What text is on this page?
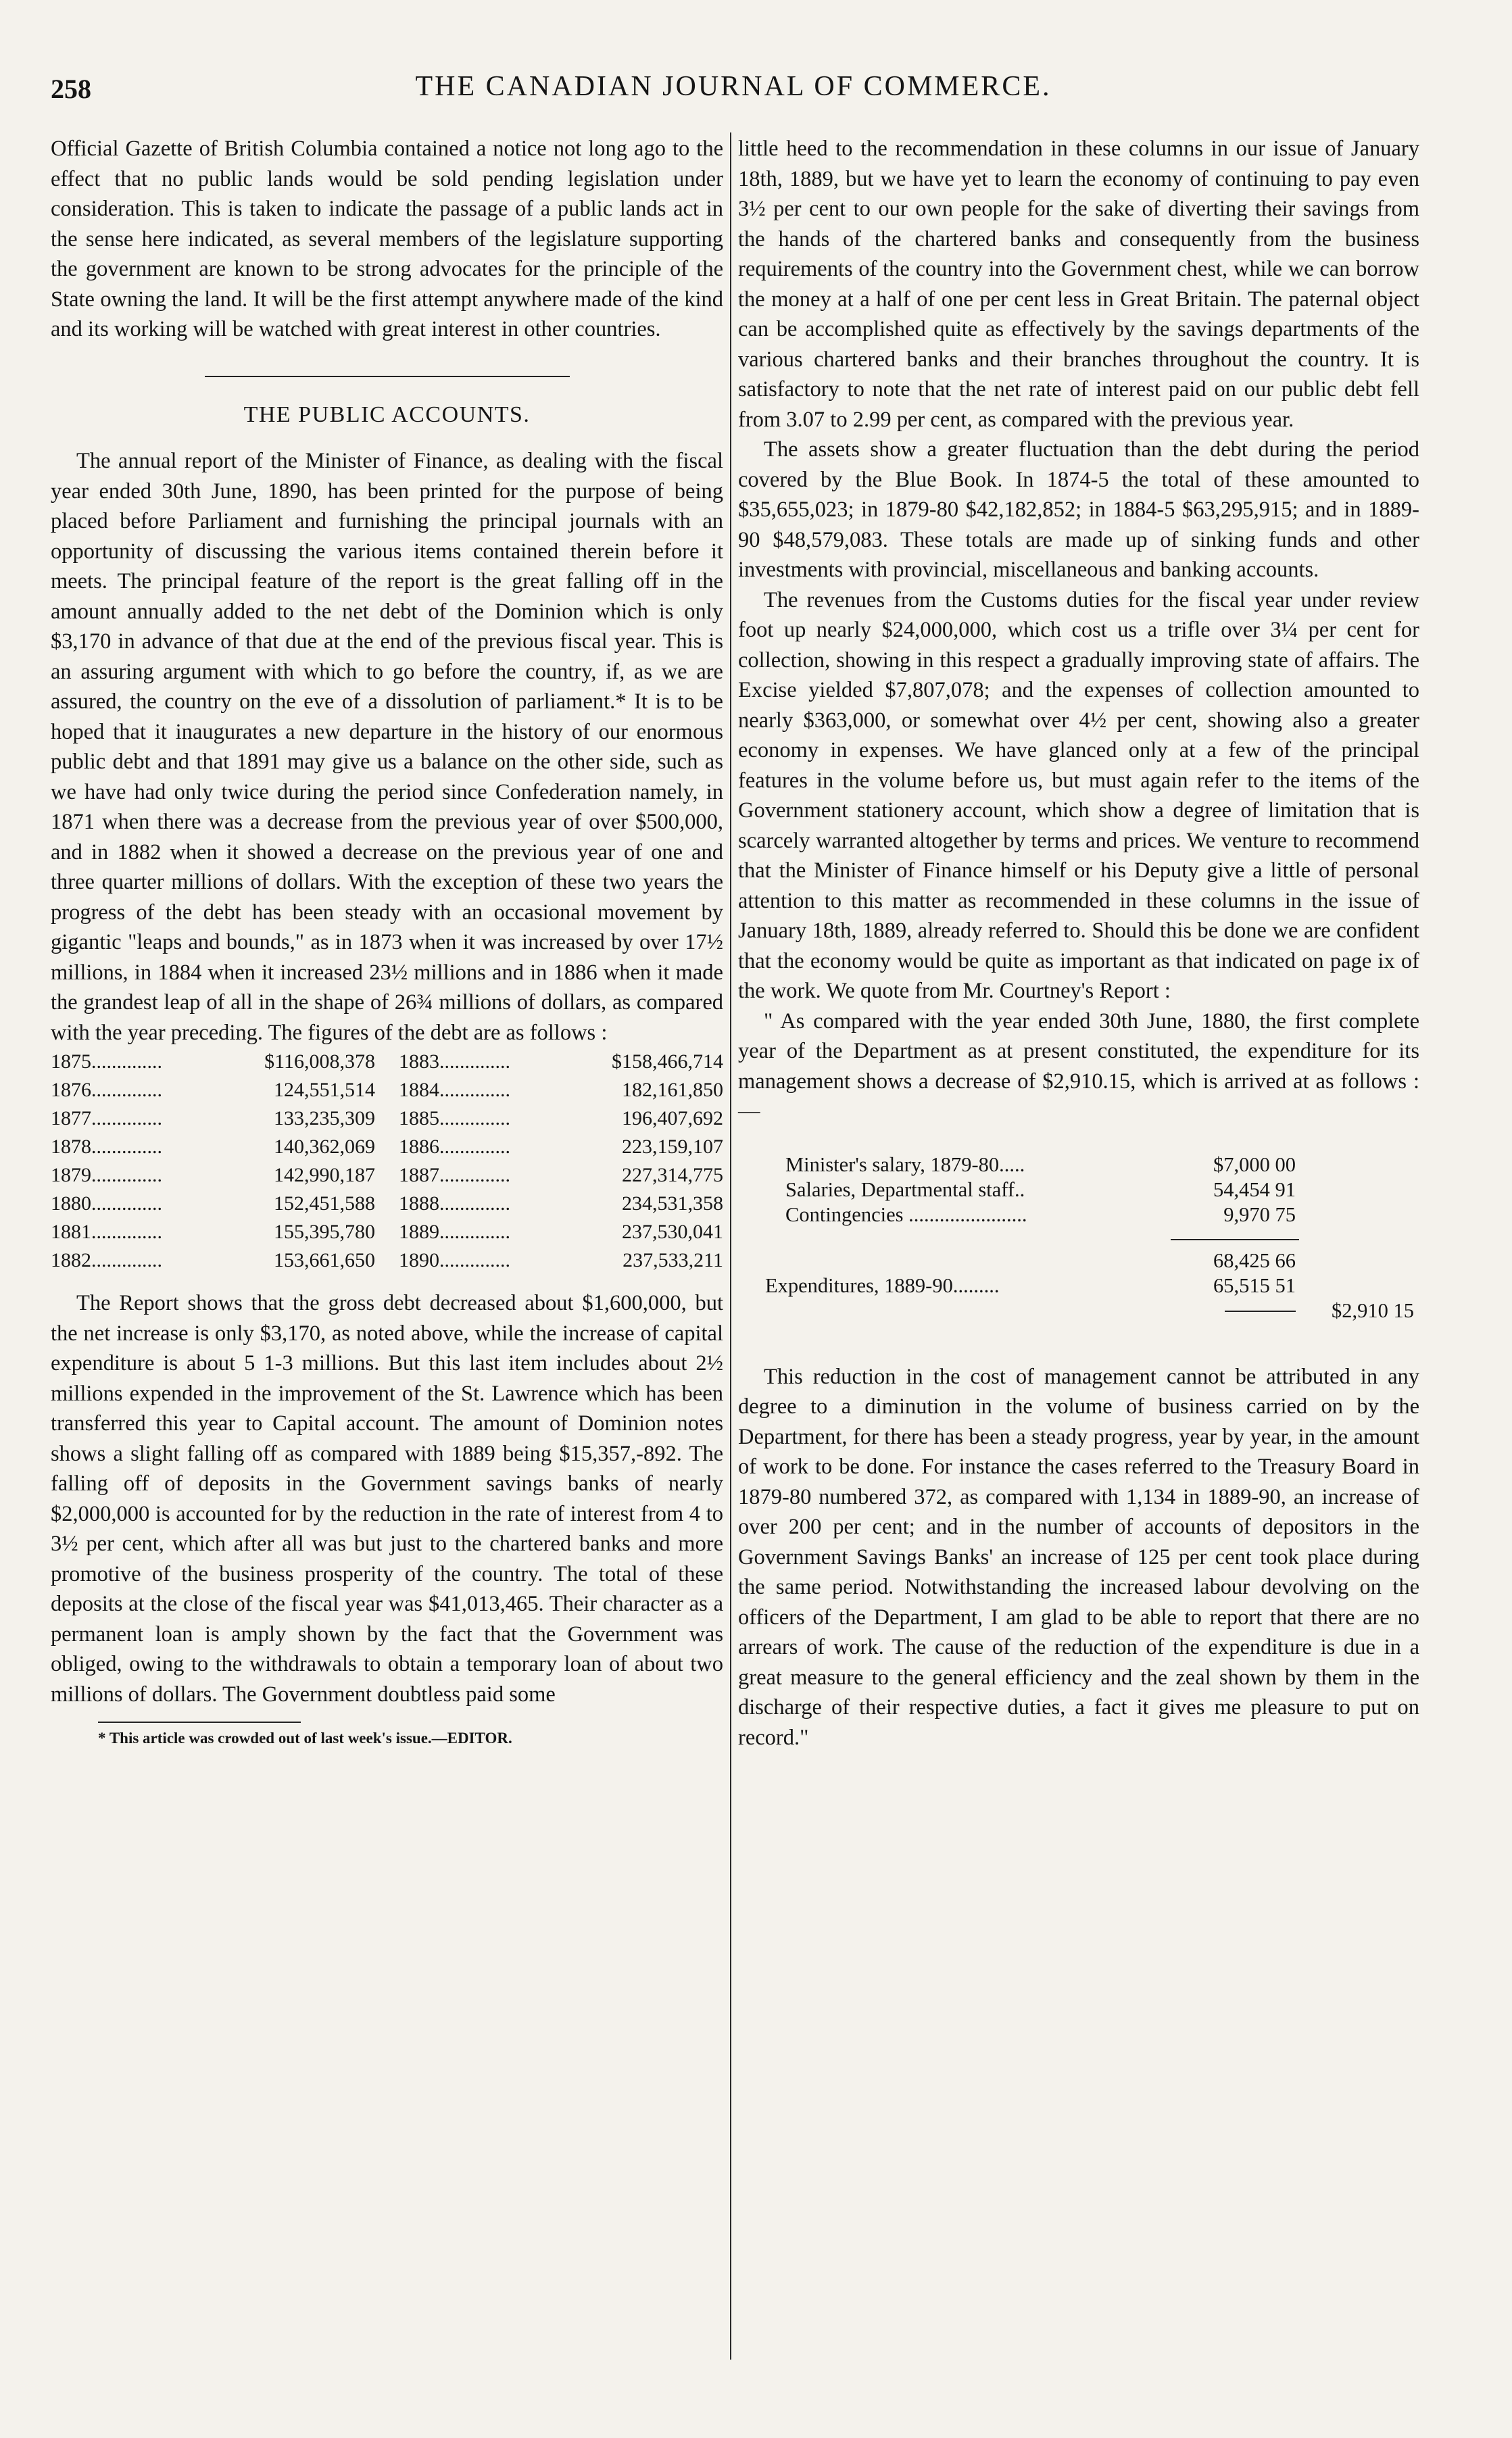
258	THE CANADIAN JOURNAL OF COMMERCE.

Official Gazette of British Columbia contained a notice not long ago to the effect that no public lands would be sold pending legislation under consideration. This is taken to indicate the passage of a public lands act in the sense here indicated, as several members of the legislature supporting the government are known to be strong advocates for the principle of the State owning the land. It will be the first attempt anywhere made of the kind and its working will be watched with great interest in other countries.

THE PUBLIC ACCOUNTS.

The annual report of the Minister of Finance, as dealing with the fiscal year ended 30th June, 1890, has been printed for the purpose of being placed before Parliament and furnishing the principal journals with an opportunity of discussing the various items contained therein before it meets. The principal feature of the report is the great falling off in the amount annually added to the net debt of the Dominion which is only $3,170 in advance of that due at the end of the previous fiscal year. This is an assuring argument with which to go before the country, if, as we are assured, the country on the eve of a dissolution of parliament.* It is to be hoped that it inaugurates a new departure in the history of our enormous public debt and that 1891 may give us a balance on the other side, such as we have had only twice during the period since Confederation namely, in 1871 when there was a decrease from the previous year of over $500,000, and in 1882 when it showed a decrease on the previous year of one and three quarter millions of dollars. With the exception of these two years the progress of the debt has been steady with an occasional movement by gigantic "leaps and bounds," as in 1873 when it was increased by over 17½ millions, in 1884 when it increased 23½ millions and in 1886 when it made the grandest leap of all in the shape of 26¾ millions of dollars, as compared with the year preceding. The figures of the debt are as follows :

1875..............	$116,008,378
1876..............	124,551,514
1877..............	133,235,309
1878..............	140,362,069
1879..............	142,990,187
1880..............	152,451,588
1881..............	155,395,780
1882..............	153,661,650
1883..............	$158,466,714
1884..............	182,161,850
1885..............	196,407,692
1886..............	223,159,107
1887..............	227,314,775
1888..............	234,531,358
1889..............	237,530,041
1890..............	237,533,211

The Report shows that the gross debt decreased about $1,600,000, but the net increase is only $3,170, as noted above, while the increase of capital expenditure is about 5 1-3 millions. But this last item includes about 2½ millions expended in the improvement of the St. Lawrence which has been transferred this year to Capital account. The amount of Dominion notes shows a slight falling off as compared with 1889 being $15,357,-892. The falling off of deposits in the Government savings banks of nearly $2,000,000 is accounted for by the reduction in the rate of interest from 4 to 3½ per cent, which after all was but just to the chartered banks and more promotive of the business prosperity of the country. The total of these deposits at the close of the fiscal year was $41,013,465. Their character as a permanent loan is amply shown by the fact that the Government was obliged, owing to the withdrawals to obtain a temporary loan of about two millions of dollars. The Government doubtless paid some

* This article was crowded out of last week's issue.—EDITOR.

little heed to the recommendation in these columns in our issue of January 18th, 1889, but we have yet to learn the economy of continuing to pay even 3½ per cent to our own people for the sake of diverting their savings from the hands of the chartered banks and consequently from the business requirements of the country into the Government chest, while we can borrow the money at a half of one per cent less in Great Britain. The paternal object can be accomplished quite as effectively by the savings departments of the various chartered banks and their branches throughout the country. It is satisfactory to note that the net rate of interest paid on our public debt fell from 3.07 to 2.99 per cent, as compared with the previous year.

The assets show a greater fluctuation than the debt during the period covered by the Blue Book. In 1874-5 the total of these amounted to $35,655,023; in 1879-80 $42,182,852; in 1884-5 $63,295,915; and in 1889-90 $48,579,083. These totals are made up of sinking funds and other investments with provincial, miscellaneous and banking accounts.

The revenues from the Customs duties for the fiscal year under review foot up nearly $24,000,000, which cost us a trifle over 3¼ per cent for collection, showing in this respect a gradually improving state of affairs. The Excise yielded $7,807,078; and the expenses of collection amounted to nearly $363,000, or somewhat over 4½ per cent, showing also a greater economy in expenses. We have glanced only at a few of the principal features in the volume before us, but must again refer to the items of the Government stationery account, which show a degree of limitation that is scarcely warranted altogether by terms and prices. We venture to recommend that the Minister of Finance himself or his Deputy give a little of personal attention to this matter as recommended in these columns in the issue of January 18th, 1889, already referred to. Should this be done we are confident that the economy would be quite as important as that indicated on page ix of the work. We quote from Mr. Courtney's Report :

" As compared with the year ended 30th June, 1880, the first complete year of the Department as at present constituted, the expenditure for its management shows a decrease of $2,910.15, which is arrived at as follows :—

Minister's salary, 1879-80.....	$7,000 00
Salaries, Departmental staff..	54,454 91
Contingencies .......................	9,970 75
68,425 66
Expenditures, 1889-90.........	65,515 51
$2,910 15

This reduction in the cost of management cannot be attributed in any degree to a diminution in the volume of business carried on by the Department, for there has been a steady progress, year by year, in the amount of work to be done. For instance the cases referred to the Treasury Board in 1879-80 numbered 372, as compared with 1,134 in 1889-90, an increase of over 200 per cent; and in the number of accounts of depositors in the Government Savings Banks' an increase of 125 per cent took place during the same period. Notwithstanding the increased labour devolving on the officers of the Department, I am glad to be able to report that there are no arrears of work. The cause of the reduction of the expenditure is due in a great measure to the general efficiency and the zeal shown by them in the discharge of their respective duties, a fact it gives me pleasure to put on record."
